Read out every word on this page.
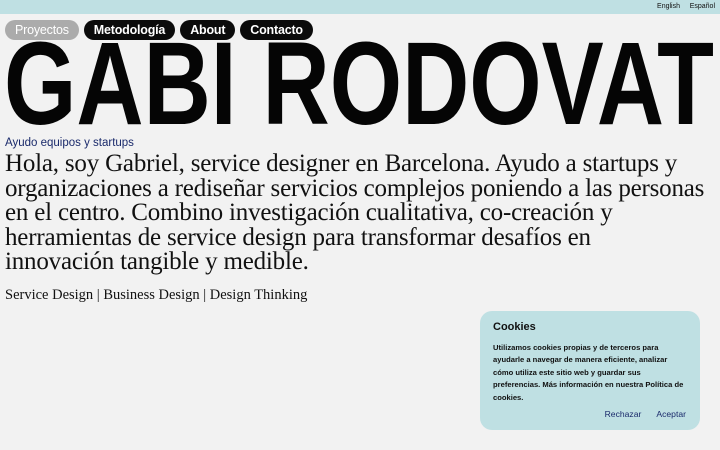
English Español
Proyectos	Metodología	About	Contacto
GABI RODOVAT
Ayudo equipos y startups

Hola, soy Gabriel, service designer en Barcelona. Ayudo a startups y organizaciones a rediseñar servicios complejos poniendo a las personas en el centro. Combino investigación cualitativa, co-creación y herramientas de service design para transformar desafíos en innovación tangible y medible.

Service Design | Business Design | Design Thinking
Cookies

Utilizamos cookies propias y de terceros para ayudarle a navegar de manera eficiente, analizar cómo utiliza este sitio web y guardar sus preferencias. Más información en nuestra Política de cookies.

Rechazar Aceptar
